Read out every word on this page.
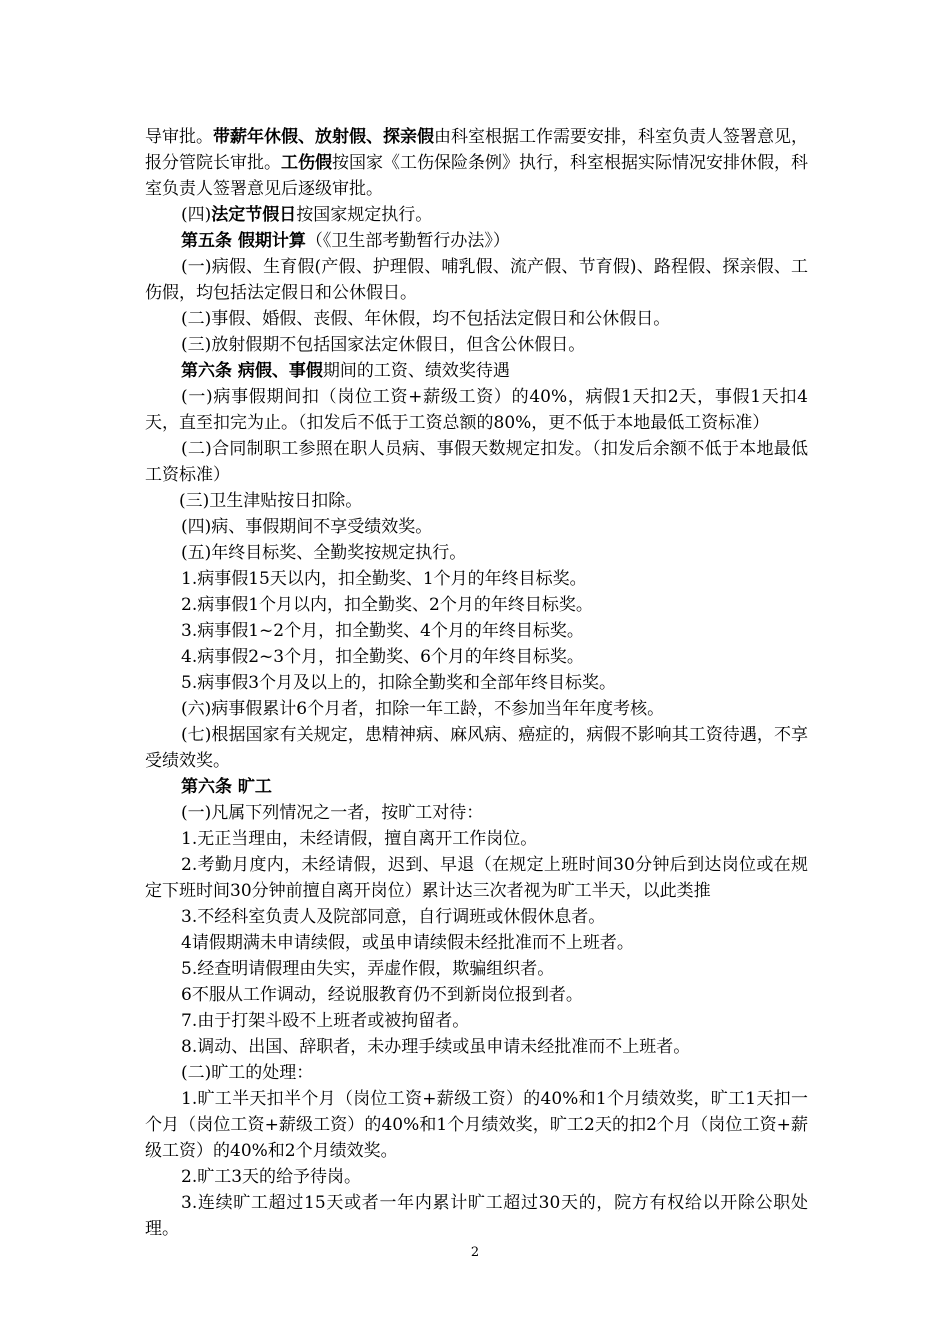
导审批。带薪年休假、放射假、探亲假由科室根据工作需要安排，科室负责人签署意见，报分管院长审批。工伤假按国家《工伤保险条例》执行，科室根据实际情况安排休假，科室负责人签署意见后逐级审批。

(四)法定节假日按国家规定执行。

第五条 假期计算（《卫生部考勤暂行办法》）

(一)病假、生育假(产假、护理假、哺乳假、流产假、节育假)、路程假、探亲假、工伤假，均包括法定假日和公休假日。

(二)事假、婚假、丧假、年休假，均不包括法定假日和公休假日。

(三)放射假期不包括国家法定休假日，但含公休假日。

第六条 病假、事假期间的工资、绩效奖待遇

(一)病事假期间扣（岗位工资+薪级工资）的40%，病假1天扣2天，事假1天扣4天，直至扣完为止。（扣发后不低于工资总额的80%，更不低于本地最低工资标准）

(二)合同制职工参照在职人员病、事假天数规定扣发。（扣发后余额不低于本地最低工资标准）

(三)卫生津贴按日扣除。

(四)病、事假期间不享受绩效奖。

(五)年终目标奖、全勤奖按规定执行。

1.病事假15天以内，扣全勤奖、1个月的年终目标奖。

2.病事假1个月以内，扣全勤奖、2个月的年终目标奖。

3.病事假1~2个月，扣全勤奖、4个月的年终目标奖。

4.病事假2~3个月，扣全勤奖、6个月的年终目标奖。

5.病事假3个月及以上的，扣除全勤奖和全部年终目标奖。

(六)病事假累计6个月者，扣除一年工龄，不参加当年年度考核。

(七)根据国家有关规定，患精神病、麻风病、癌症的，病假不影响其工资待遇，不享受绩效奖。

第六条 旷工

(一)凡属下列情况之一者，按旷工对待：

1.无正当理由，未经请假，擅自离开工作岗位。

2.考勤月度内，未经请假，迟到、早退（在规定上班时间30分钟后到达岗位或在规定下班时间30分钟前擅自离开岗位）累计达三次者视为旷工半天，以此类推

3.不经科室负责人及院部同意，自行调班或休假休息者。

4请假期满未申请续假，或虽申请续假未经批准而不上班者。

5.经查明请假理由失实，弄虚作假，欺骗组织者。

6不服从工作调动，经说服教育仍不到新岗位报到者。

7.由于打架斗殴不上班者或被拘留者。

8.调动、出国、辞职者，未办理手续或虽申请未经批准而不上班者。

(二)旷工的处理：

1.旷工半天扣半个月（岗位工资+薪级工资）的40%和1个月绩效奖，旷工1天扣一个月（岗位工资+薪级工资）的40%和1个月绩效奖，旷工2天的扣2个月（岗位工资+薪级工资）的40%和2个月绩效奖。

2.旷工3天的给予待岗。

3.连续旷工超过15天或者一年内累计旷工超过30天的，院方有权给以开除公职处理。

2
